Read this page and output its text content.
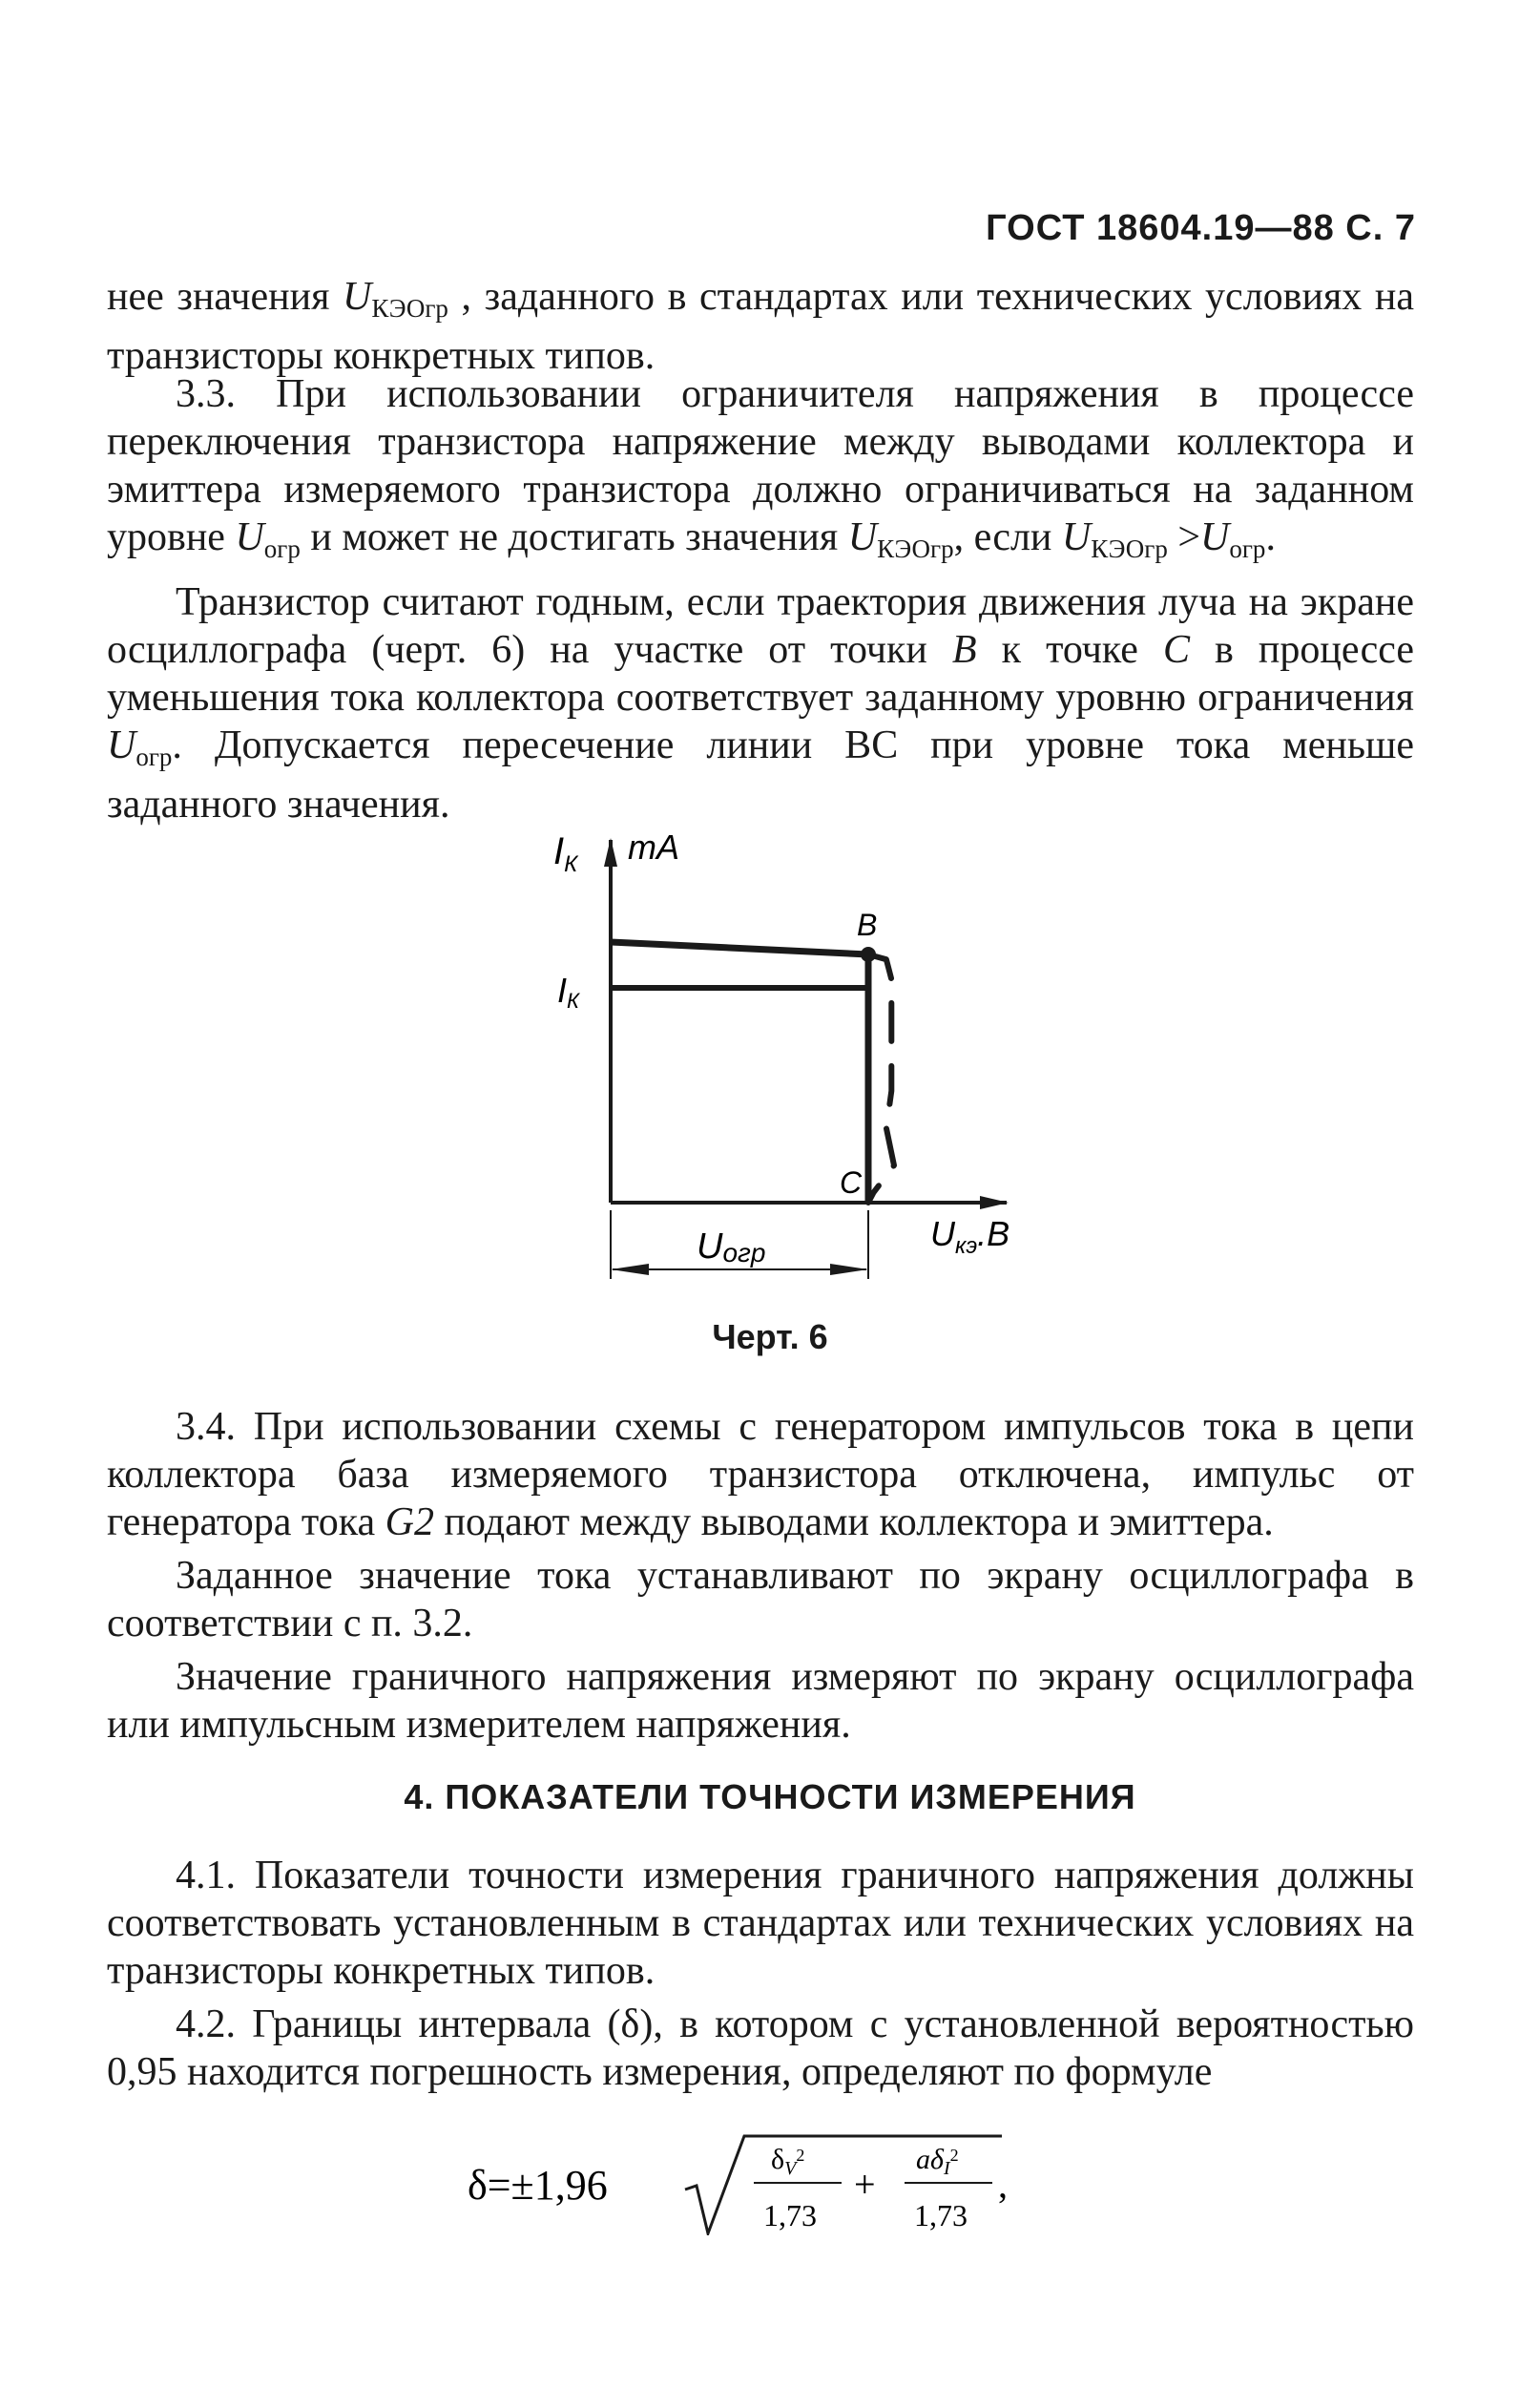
ГОСТ 18604.19—88 С. 7

нее значения $U_{КЭОгр}$ , заданного в стандартах или технических условиях на транзисторы конкретных типов.

3.3. При использовании ограничителя напряжения в процессе переключения транзистора напряжение между выводами коллектора и эмиттера измеряемого транзистора должно ограничиваться на заданном уровне $U_{огр}$ и может не достигать значения $U_{КЭОгр}$, если $U_{КЭОгр} >U_{огр}$.

Транзистор считают годным, если траектория движения луча на экране осциллографа (черт. 6) на участке от точки B к точке C в процессе уменьшения тока коллектора соответствует заданному уровню ограничения $U_{огр}$. Допускается пересечение линии ВС при уровне тока меньше заданного значения.

$I_К$ mA
$U_{кэ}.B$
IК
B
C
Uогр
Черт. 6

3.4. При использовании схемы с генератором импульсов тока в цепи коллектора база измеряемого транзистора отключена, импульс от генератора тока G2 подают между выводами коллектора и эмиттера.

Заданное значение тока устанавливают по экрану осциллографа в соответствии с п. 3.2.

Значение граничного напряжения измеряют по экрану осциллографа или импульсным измерителем напряжения.

4. ПОКАЗАТЕЛИ ТОЧНОСТИ ИЗМЕРЕНИЯ

4.1. Показатели точности измерения граничного напряжения должны соответствовать установленным в стандартах или технических условиях на транзисторы конкретных типов.

4.2. Границы интервала (δ), в котором с установленной вероятностью 0,95 находится погрешность измерения, определяют по формуле

δ=±1,96
$\delta_V^2$
1,73
+
$a\delta_I^2$
1,73
,
